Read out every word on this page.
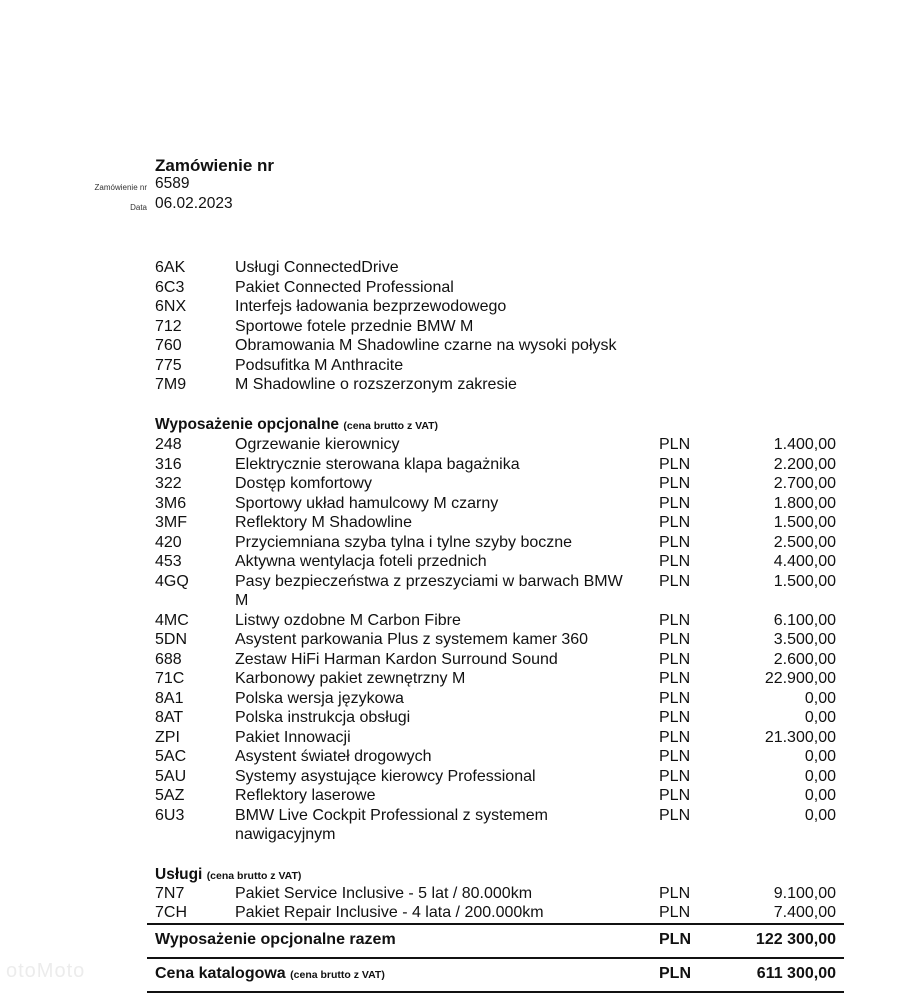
Zamówienie nr
Zamówienie nr 6589
Data 06.02.2023
6AK	Usługi ConnectedDrive
6C3	Pakiet Connected Professional
6NX	Interfejs ładowania bezprzewodowego
712	Sportowe fotele przednie BMW M
760	Obramowania M Shadowline czarne na wysoki połysk
775	Podsufitka M Anthracite
7M9	M Shadowline o rozszerzonym zakresie
Wyposażenie opcjonalne (cena brutto z VAT)
248	Ogrzewanie kierownicy	PLN	1.400,00
316	Elektrycznie sterowana klapa bagażnika	PLN	2.200,00
322	Dostęp komfortowy	PLN	2.700,00
3M6	Sportowy układ hamulcowy M czarny	PLN	1.800,00
3MF	Reflektory M Shadowline	PLN	1.500,00
420	Przyciemniana szyba tylna i tylne szyby boczne	PLN	2.500,00
453	Aktywna wentylacja foteli przednich	PLN	4.400,00
4GQ	Pasy bezpieczeństwa z przeszyciami w barwach BMW	PLN	1.500,00
M
4MC	Listwy ozdobne M Carbon Fibre	PLN	6.100,00
5DN	Asystent parkowania Plus z systemem kamer 360	PLN	3.500,00
688	Zestaw HiFi Harman Kardon Surround Sound	PLN	2.600,00
71C	Karbonowy pakiet zewnętrzny M	PLN	22.900,00
8A1	Polska wersja językowa	PLN	0,00
8AT	Polska instrukcja obsługi	PLN	0,00
ZPI	Pakiet Innowacji	PLN	21.300,00
5AC	Asystent świateł drogowych	PLN	0,00
5AU	Systemy asystujące kierowcy Professional	PLN	0,00
5AZ	Reflektory laserowe	PLN	0,00
6U3	BMW Live Cockpit Professional z systemem	PLN	0,00
nawigacyjnym
Usługi (cena brutto z VAT)
7N7	Pakiet Service Inclusive - 5 lat / 80.000km	PLN	9.100,00
7CH	Pakiet Repair Inclusive - 4 lata / 200.000km	PLN	7.400,00
Wyposażenie opcjonalne razem	PLN	122 300,00
Cena katalogowa (cena brutto z VAT)	PLN	611 300,00
otoMoto
